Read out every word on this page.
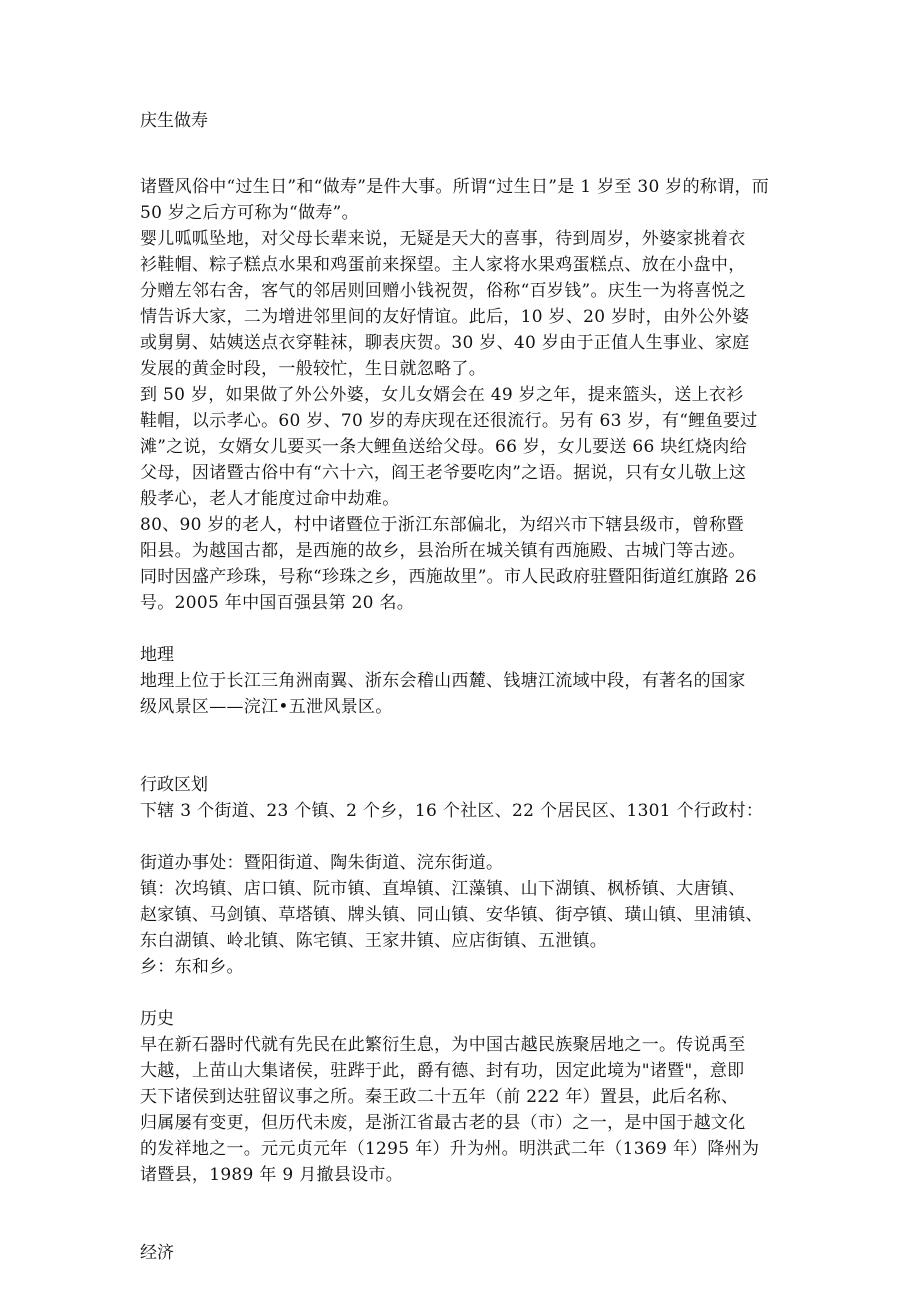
庆生做寿
诸暨风俗中“过生日”和“做寿”是件大事。所谓“过生日”是 1 岁至 30 岁的称谓，而
50 岁之后方可称为“做寿”。
婴儿呱呱坠地，对父母长辈来说，无疑是天大的喜事，待到周岁，外婆家挑着衣
衫鞋帽、粽子糕点水果和鸡蛋前来探望。主人家将水果鸡蛋糕点、放在小盘中，
分赠左邻右舍，客气的邻居则回赠小钱祝贺，俗称“百岁钱”。庆生一为将喜悦之
情告诉大家，二为增进邻里间的友好情谊。此后，10 岁、20 岁时，由外公外婆
或舅舅、姑姨送点衣穿鞋袜，聊表庆贺。30 岁、40 岁由于正值人生事业、家庭
发展的黄金时段，一般较忙，生日就忽略了。
到 50 岁，如果做了外公外婆，女儿女婿会在 49 岁之年，提来篮头，送上衣衫
鞋帽，以示孝心。60 岁、70 岁的寿庆现在还很流行。另有 63 岁，有“鲤鱼要过
滩”之说，女婿女儿要买一条大鲤鱼送给父母。66 岁，女儿要送 66 块红烧肉给
父母，因诸暨古俗中有“六十六，阎王老爷要吃肉”之语。据说，只有女儿敬上这
般孝心，老人才能度过命中劫难。
80、90 岁的老人，村中诸暨位于浙江东部偏北，为绍兴市下辖县级市，曾称暨
阳县。为越国古都，是西施的故乡，县治所在城关镇有西施殿、古城门等古迹。
同时因盛产珍珠，号称“珍珠之乡，西施故里”。市人民政府驻暨阳街道红旗路 26
号。2005 年中国百强县第 20 名。
地理
地理上位于长江三角洲南翼、浙东会稽山西麓、钱塘江流域中段，有著名的国家
级风景区——浣江•五泄风景区。
行政区划
下辖 3 个街道、23 个镇、2 个乡，16 个社区、22 个居民区、1301 个行政村：
街道办事处：暨阳街道、陶朱街道、浣东街道。
镇：次坞镇、店口镇、阮市镇、直埠镇、江藻镇、山下湖镇、枫桥镇、大唐镇、
赵家镇、马剑镇、草塔镇、牌头镇、同山镇、安华镇、街亭镇、璜山镇、里浦镇、
东白湖镇、岭北镇、陈宅镇、王家井镇、应店街镇、五泄镇。
乡：东和乡。
历史
早在新石器时代就有先民在此繁衍生息，为中国古越民族聚居地之一。传说禹至
大越，上苗山大集诸侯，驻跸于此，爵有德、封有功，因定此境为"诸暨"，意即
天下诸侯到达驻留议事之所。秦王政二十五年（前 222 年）置县，此后名称、
归属屡有变更，但历代未废，是浙江省最古老的县（市）之一，是中国于越文化
的发祥地之一。元元贞元年（1295 年）升为州。明洪武二年（1369 年）降州为
诸暨县，1989 年 9 月撤县设市。
经济
